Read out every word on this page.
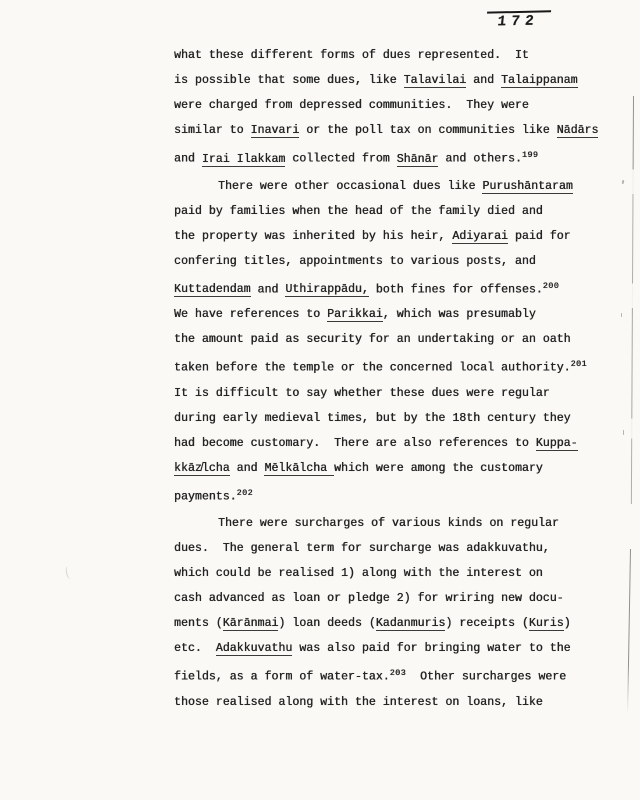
172
what these different forms of dues represented.  It
is possible that some dues, like Talavilai and Talaippanam
were charged from depressed communities.  They were
similar to Inavari or the poll tax on communities like Nādārs
and Irai Ilakkam collected from Shānār and others.$^{199}$
There were other occasional dues like Purushāntaram
paid by families when the head of the family died and
the property was inherited by his heir, Adiyarai paid for
confering titles, appointments to various posts, and
Kuttadendam and Uthirappādu, both fines for offenses.$^{200}$
We have references to Parikkai, which was presumably
the amount paid as security for an undertaking or an oath
taken before the temple or the concerned local authority.$^{201}$
It is difficult to say whether these dues were regular
during early medieval times, but by the 18th century they
had become customary.  There are also references to Kuppa-
kkāz̸lcha and Mēlkālcha which were among the customary
payments.$^{202}$
There were surcharges of various kinds on regular
dues.  The general term for surcharge was adakkuvathu,
which could be realised 1) along with the interest on
cash advanced as loan or pledge 2) for wriring new docu-
ments (Kārānmai) loan deeds (Kadanmuris) receipts (Kuris)
etc.  Adakkuvathu was also paid for bringing water to the
fields, as a form of water-tax.$^{203}$  Other surcharges were
those realised along with the interest on loans, like
